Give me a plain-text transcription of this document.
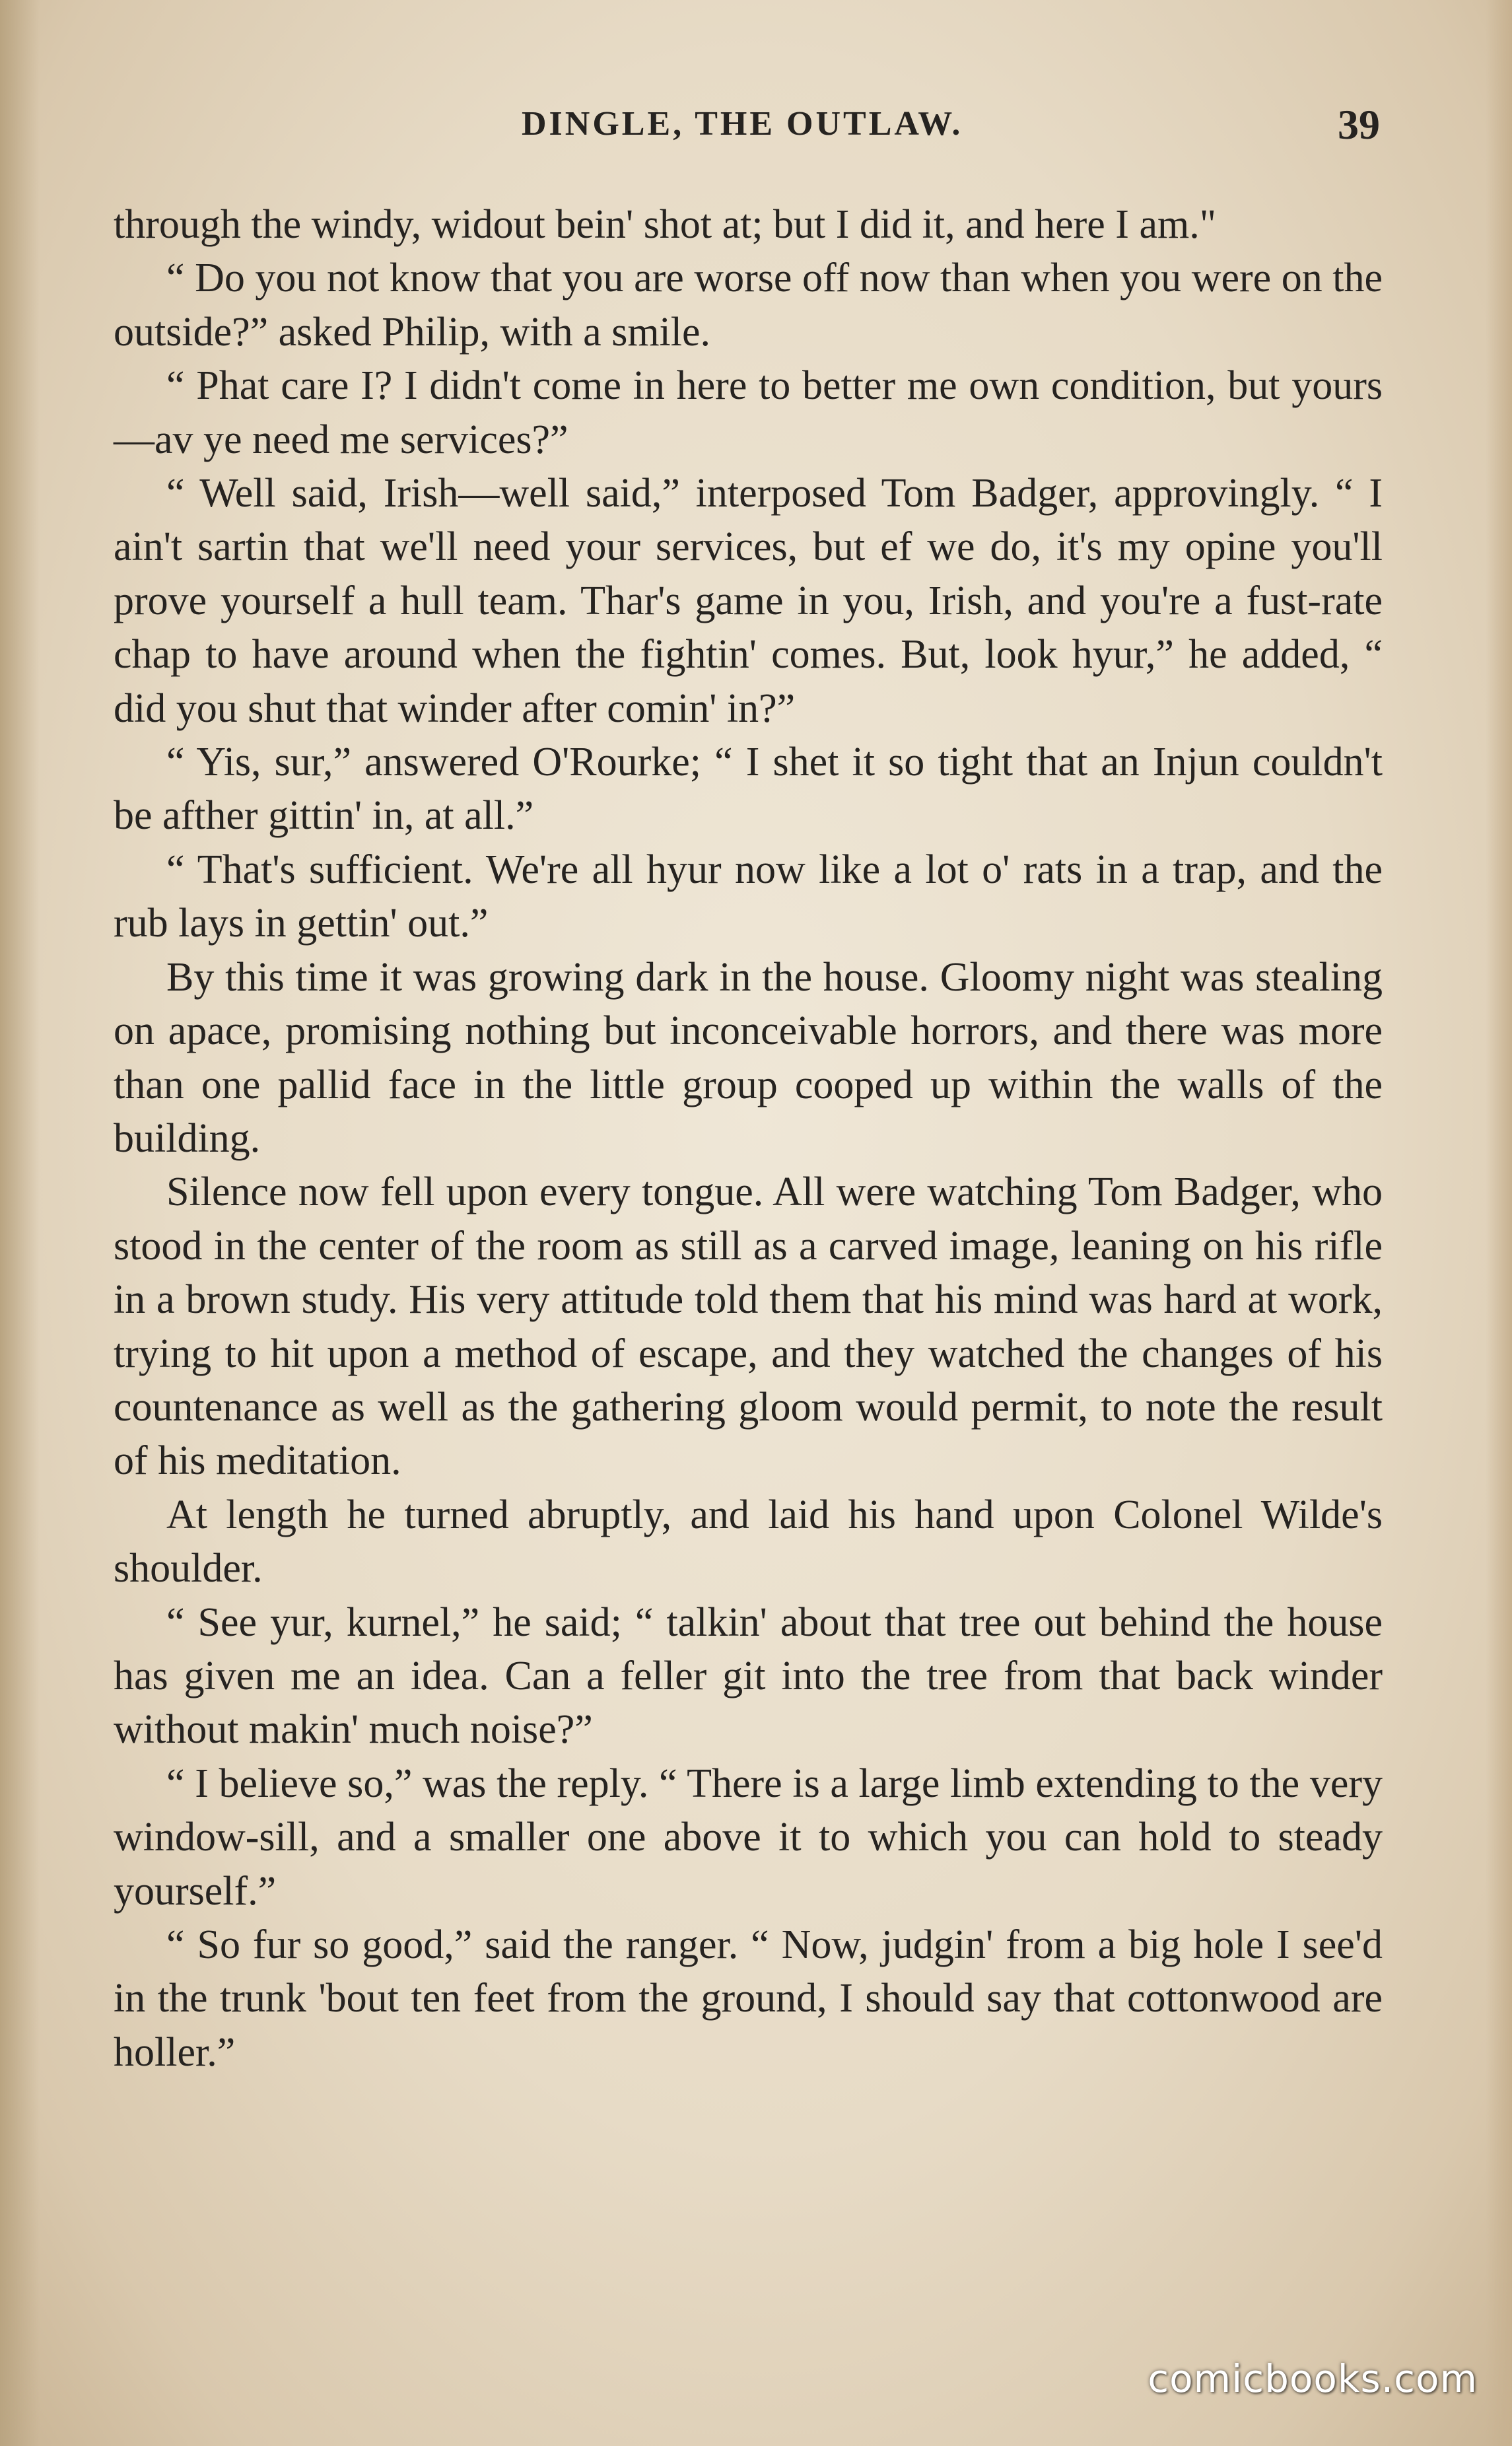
DINGLE, THE OUTLAW.	39

through the windy, widout bein' shot at; but I did it, and here I am."

“ Do you not know that you are worse off now than when you were on the outside?” asked Philip, with a smile.

“ Phat care I? I didn't come in here to better me own condition, but yours—av ye need me services?”

“ Well said, Irish—well said,” interposed Tom Badger, approvingly. “ I ain't sartin that we'll need your services, but ef we do, it's my opine you'll prove yourself a hull team. Thar's game in you, Irish, and you're a fust-rate chap to have around when the fightin' comes. But, look hyur,” he added, “ did you shut that winder after comin' in?”

“ Yis, sur,” answered O'Rourke; “ I shet it so tight that an Injun couldn't be afther gittin' in, at all.”

“ That's sufficient. We're all hyur now like a lot o' rats in a trap, and the rub lays in gettin' out.”

By this time it was growing dark in the house. Gloomy night was stealing on apace, promising nothing but inconceivable horrors, and there was more than one pallid face in the little group cooped up within the walls of the building.

Silence now fell upon every tongue. All were watching Tom Badger, who stood in the center of the room as still as a carved image, leaning on his rifle in a brown study. His very attitude told them that his mind was hard at work, trying to hit upon a method of escape, and they watched the changes of his countenance as well as the gathering gloom would permit, to note the result of his meditation.

At length he turned abruptly, and laid his hand upon Colonel Wilde's shoulder.

“ See yur, kurnel,” he said; “ talkin' about that tree out behind the house has given me an idea. Can a feller git into the tree from that back winder without makin' much noise?”

“ I believe so,” was the reply. “ There is a large limb extending to the very window-sill, and a smaller one above it to which you can hold to steady yourself.”

“ So fur so good,” said the ranger. “ Now, judgin' from a big hole I see'd in the trunk 'bout ten feet from the ground, I should say that cottonwood are holler.”

comicbooks.com
